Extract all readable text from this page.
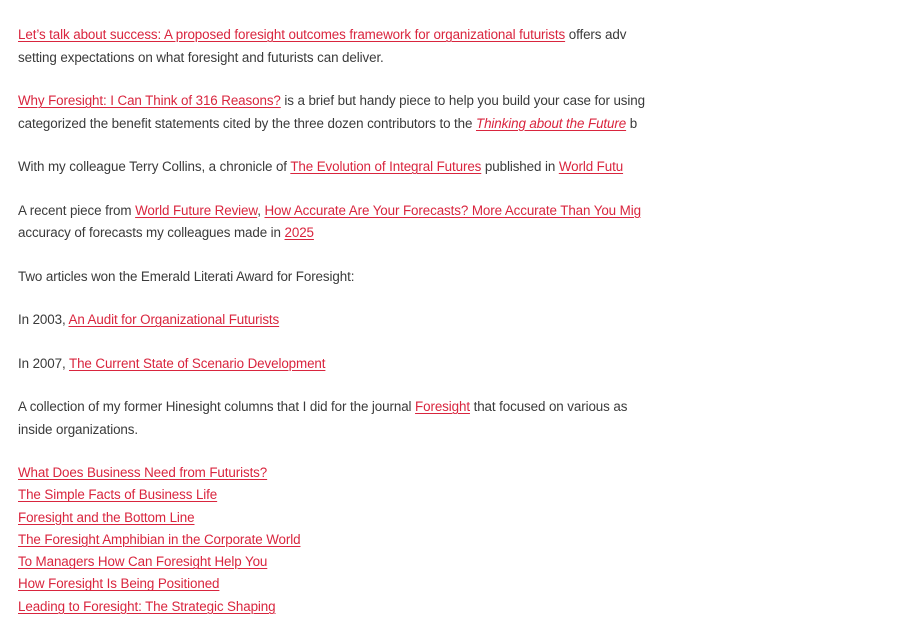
Let’s talk about success: A proposed foresight outcomes framework for organizational futurists offers adv
setting expectations on what foresight and futurists can deliver.

Why Foresight: I Can Think of 316 Reasons? is a brief but handy piece to help you build your case for using
categorized the benefit statements cited by the three dozen contributors to the Thinking about the Future b

With my colleague Terry Collins, a chronicle of The Evolution of Integral Futures published in World Futu

A recent piece from World Future Review, How Accurate Are Your Forecasts? More Accurate Than You Mig
accuracy of forecasts my colleagues made in 2025

Two articles won the Emerald Literati Award for Foresight:

In 2003, An Audit for Organizational Futurists

In 2007, The Current State of Scenario Development

A collection of my former Hinesight columns that I did for the journal Foresight that focused on various as
inside organizations.

What Does Business Need from Futurists?
The Simple Facts of Business Life
Foresight and the Bottom Line
The Foresight Amphibian in the Corporate World
To Managers How Can Foresight Help You
How Foresight Is Being Positioned
Leading to Foresight: The Strategic Shaping
